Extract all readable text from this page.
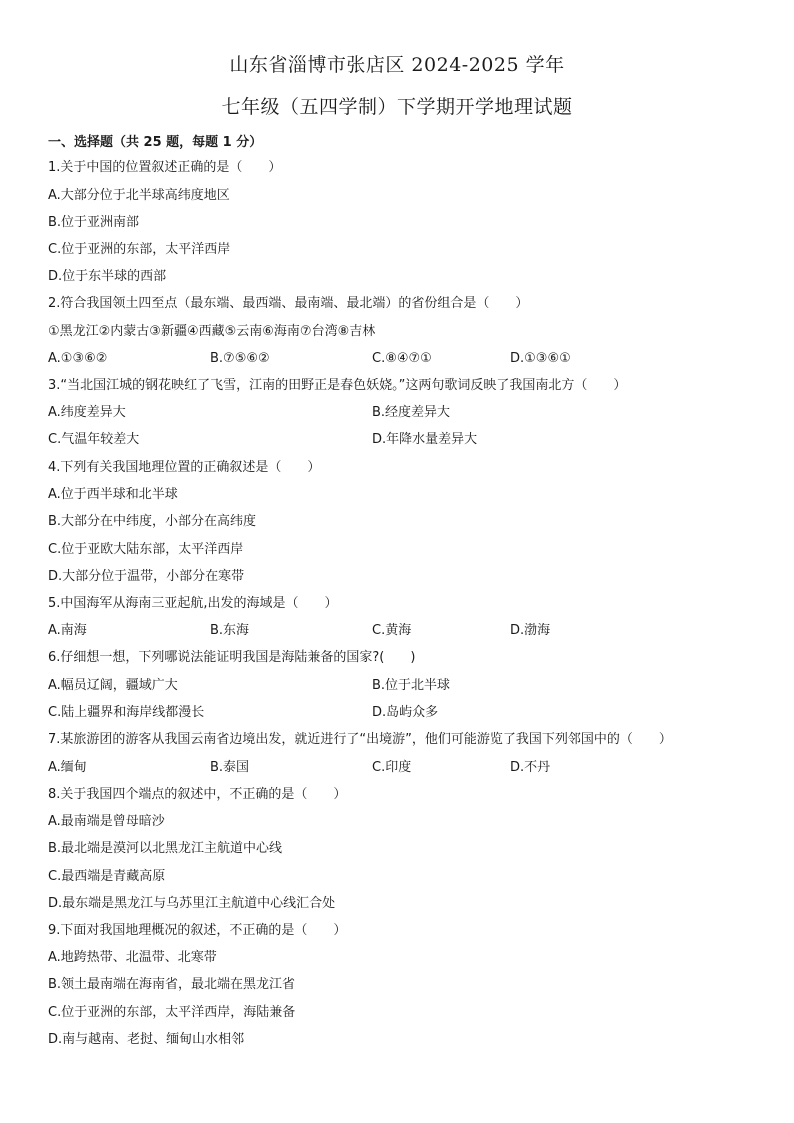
山东省淄博市张店区 2024-2025 学年
七年级（五四学制）下学期开学地理试题
一、选择题（共 25 题，每题 1 分）
1.关于中国的位置叙述正确的是（　　）
A.大部分位于北半球高纬度地区
B.位于亚洲南部
C.位于亚洲的东部，太平洋西岸
D.位于东半球的西部
2.符合我国领土四至点（最东端、最西端、最南端、最北端）的省份组合是（　　）
①黑龙江②内蒙古③新疆④西藏⑤云南⑥海南⑦台湾⑧吉林
A.①③⑥②	B.⑦⑤⑥②	C.⑧④⑦①	D.①③⑥①
3.“当北国江城的钢花映红了飞雪，江南的田野正是春色妖娆。”这两句歌词反映了我国南北方（　　）
A.纬度差异大	B.经度差异大
C.气温年较差大	D.年降水量差异大
4.下列有关我国地理位置的正确叙述是（　　）
A.位于西半球和北半球
B.大部分在中纬度，小部分在高纬度
C.位于亚欧大陆东部，太平洋西岸
D.大部分位于温带，小部分在寒带
5.中国海军从海南三亚起航,出发的海域是（　　）
A.南海	B.东海	C.黄海	D.渤海
6.仔细想一想，下列哪说法能证明我国是海陆兼备的国家?(　　)
A.幅员辽阔，疆域广大	B.位于北半球
C.陆上疆界和海岸线都漫长	D.岛屿众多
7.某旅游团的游客从我国云南省边境出发，就近进行了“出境游”，他们可能游览了我国下列邻国中的（　　）
A.缅甸	B.泰国	C.印度	D.不丹
8.关于我国四个端点的叙述中，不正确的是（　　）
A.最南端是曾母暗沙
B.最北端是漠河以北黑龙江主航道中心线
C.最西端是青藏高原
D.最东端是黑龙江与乌苏里江主航道中心线汇合处
9.下面对我国地理概况的叙述，不正确的是（　　）
A.地跨热带、北温带、北寒带
B.领土最南端在海南省，最北端在黑龙江省
C.位于亚洲的东部，太平洋西岸，海陆兼备
D.南与越南、老挝、缅甸山水相邻
